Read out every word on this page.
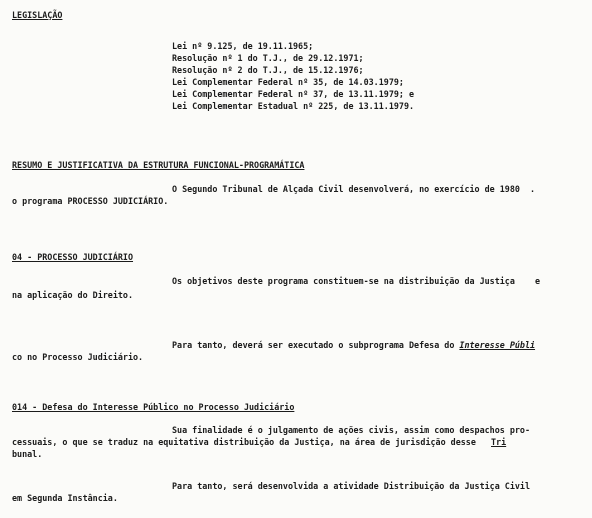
LEGISLAÇÃO
Lei nº 9.125, de 19.11.1965;
Resolução nº 1 do T.J., de 29.12.1971;
Resolução nº 2 do T.J., de 15.12.1976;
Lei Complementar Federal nº 35, de 14.03.1979;
Lei Complementar Federal nº 37, de 13.11.1979; e
Lei Complementar Estadual nº 225, de 13.11.1979.
RESUMO E JUSTIFICATIVA DA ESTRUTURA FUNCIONAL-PROGRAMÁTICA
O Segundo Tribunal de Alçada Civil desenvolverá, no exercício de 1980  .
o programa PROCESSO JUDICIÁRIO.
04 - PROCESSO JUDICIÁRIO
Os objetivos deste programa constituem-se na distribuição da Justiça    e
na aplicação do Direito.
Para tanto, deverá ser executado o subprograma Defesa do Interesse Públi
co no Processo Judiciário.
014 - Defesa do Interesse Público no Processo Judiciário
Sua finalidade é o julgamento de ações civis, assim como despachos pro-
cessuais, o que se traduz na equitativa distribuição da Justiça, na área de jurisdição desse   Tri
bunal.
Para tanto, será desenvolvida a atividade Distribuição da Justiça Civil
em Segunda Instância.
